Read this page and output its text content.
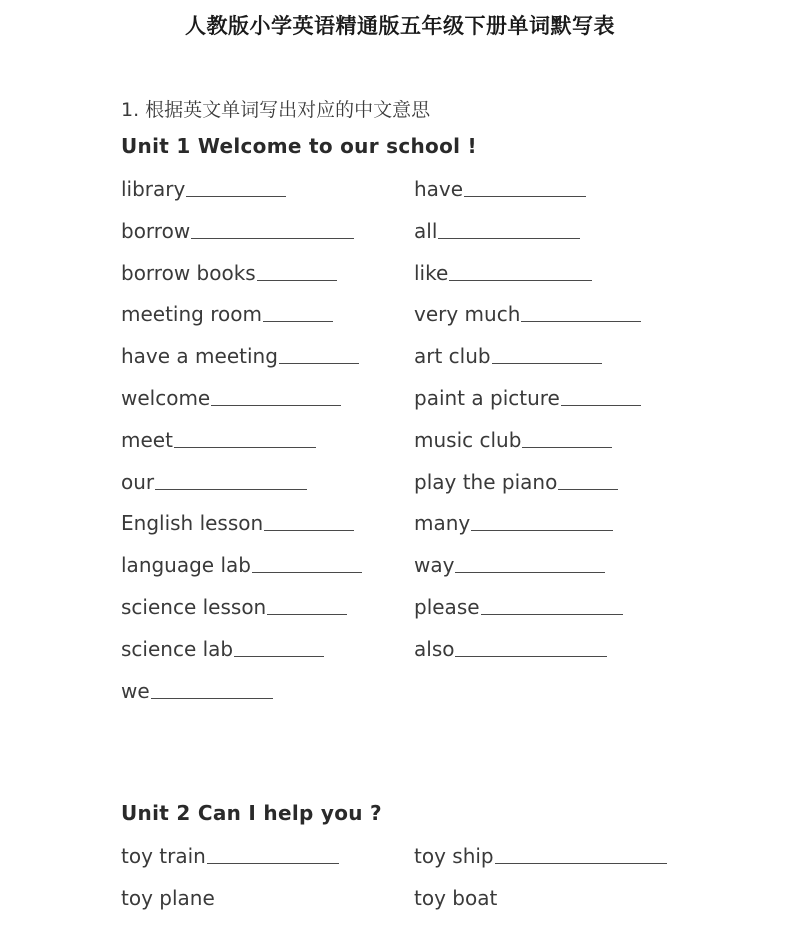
人教版小学英语精通版五年级下册单词默写表
1. 根据英文单词写出对应的中文意思
Unit 1 Welcome to our school !
library
borrow
borrow books
meeting room
have a meeting
welcome
meet
our
English lesson
language lab
science lesson
science lab
we
have
all
like
very much
art club
paint a picture
music club
play the piano
many
way
please
also
Unit 2 Can I help you ?
toy train
toy plane
toy ship
toy boat
